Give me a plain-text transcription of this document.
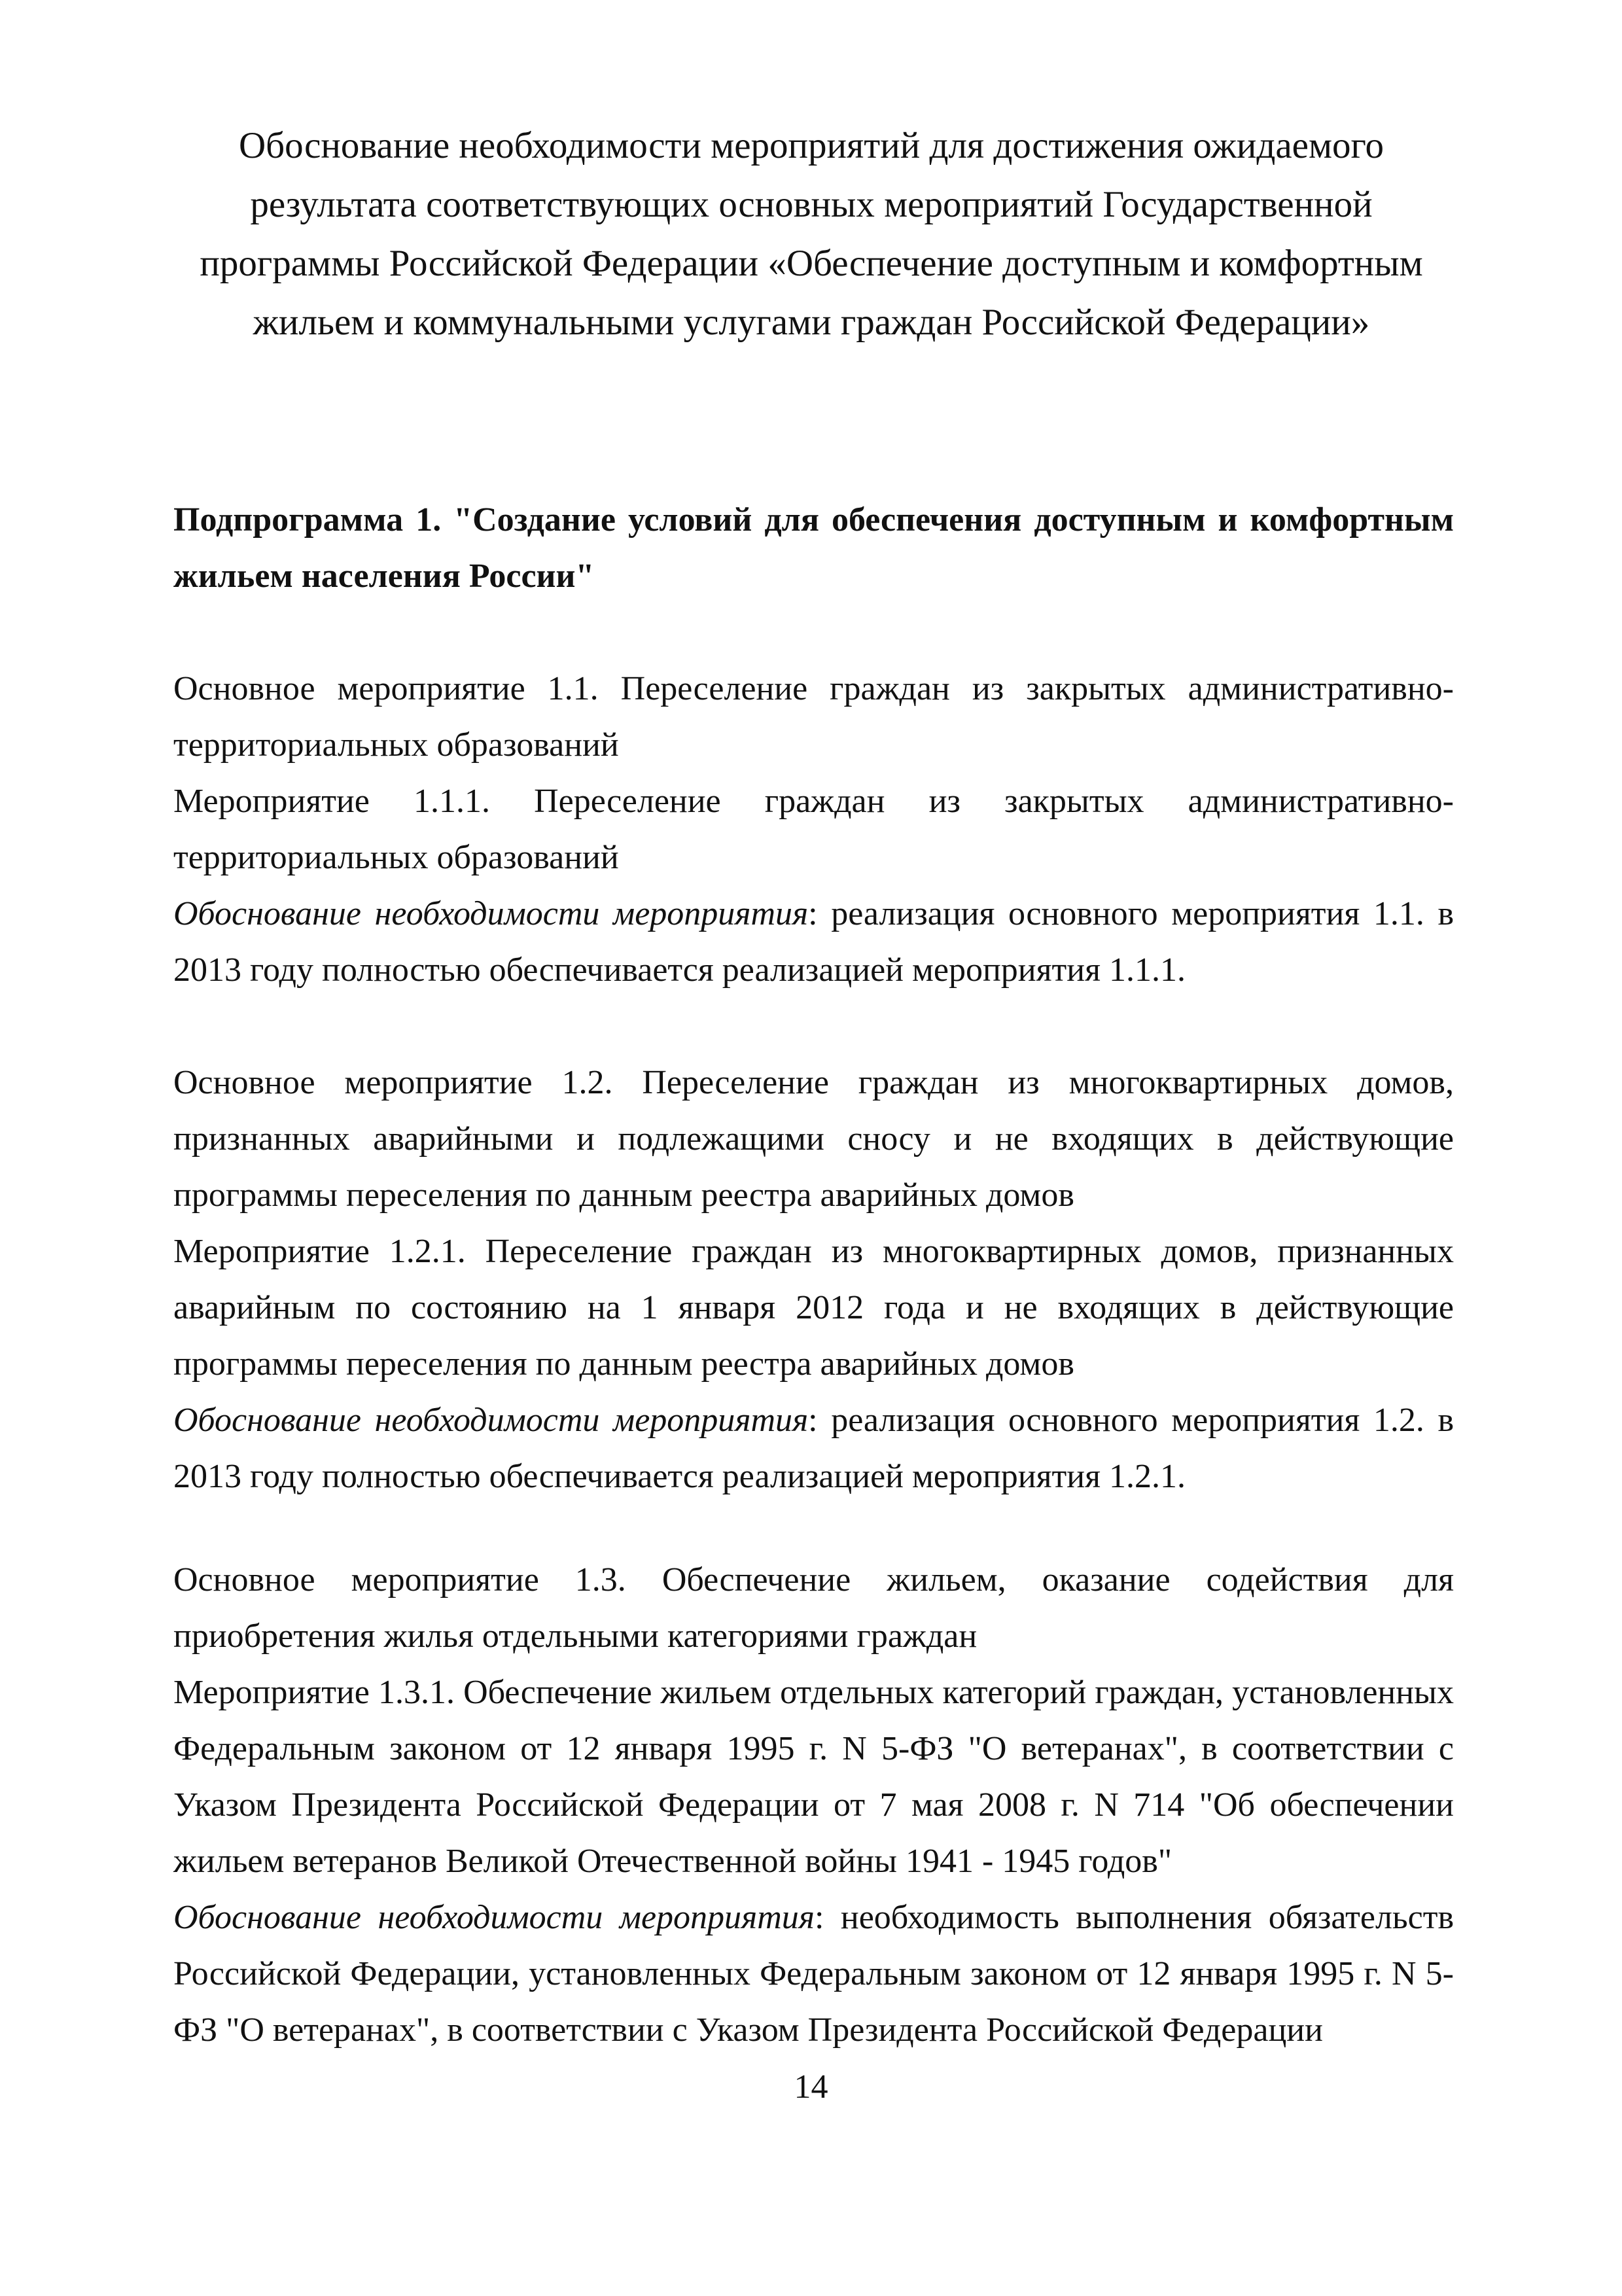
Обоснование необходимости мероприятий для достижения ожидаемого результата соответствующих основных мероприятий Государственной программы Российской Федерации «Обеспечение доступным и комфортным жильем и коммунальными услугами граждан Российской Федерации»
Подпрограмма 1. "Создание условий для обеспечения доступным и комфортным жильем населения России"

Основное мероприятие 1.1. Переселение граждан из закрытых административно-территориальных образований

Мероприятие 1.1.1. Переселение граждан из закрытых административно-территориальных образований

Обоснование необходимости мероприятия: реализация основного мероприятия 1.1. в 2013 году полностью обеспечивается реализацией мероприятия 1.1.1.

Основное мероприятие 1.2. Переселение граждан из многоквартирных домов, признанных аварийными и подлежащими сносу и не входящих в действующие программы переселения по данным реестра аварийных домов

Мероприятие 1.2.1. Переселение граждан из многоквартирных домов, признанных аварийным по состоянию на 1 января 2012 года и не входящих в действующие программы переселения по данным реестра аварийных домов

Обоснование необходимости мероприятия: реализация основного мероприятия 1.2. в 2013 году полностью обеспечивается реализацией мероприятия 1.2.1.

Основное мероприятие 1.3. Обеспечение жильем, оказание содействия для приобретения жилья отдельными категориями граждан

Мероприятие 1.3.1. Обеспечение жильем отдельных категорий граждан, установленных Федеральным законом от 12 января 1995 г. N 5-ФЗ "О ветеранах", в соответствии с Указом Президента Российской Федерации от 7 мая 2008 г. N 714 "Об обеспечении жильем ветеранов Великой Отечественной войны 1941 - 1945 годов"

Обоснование необходимости мероприятия: необходимость выполнения обязательств Российской Федерации, установленных Федеральным законом от 12 января 1995 г. N 5-ФЗ "О ветеранах", в соответствии с Указом Президента Российской Федерации

14
